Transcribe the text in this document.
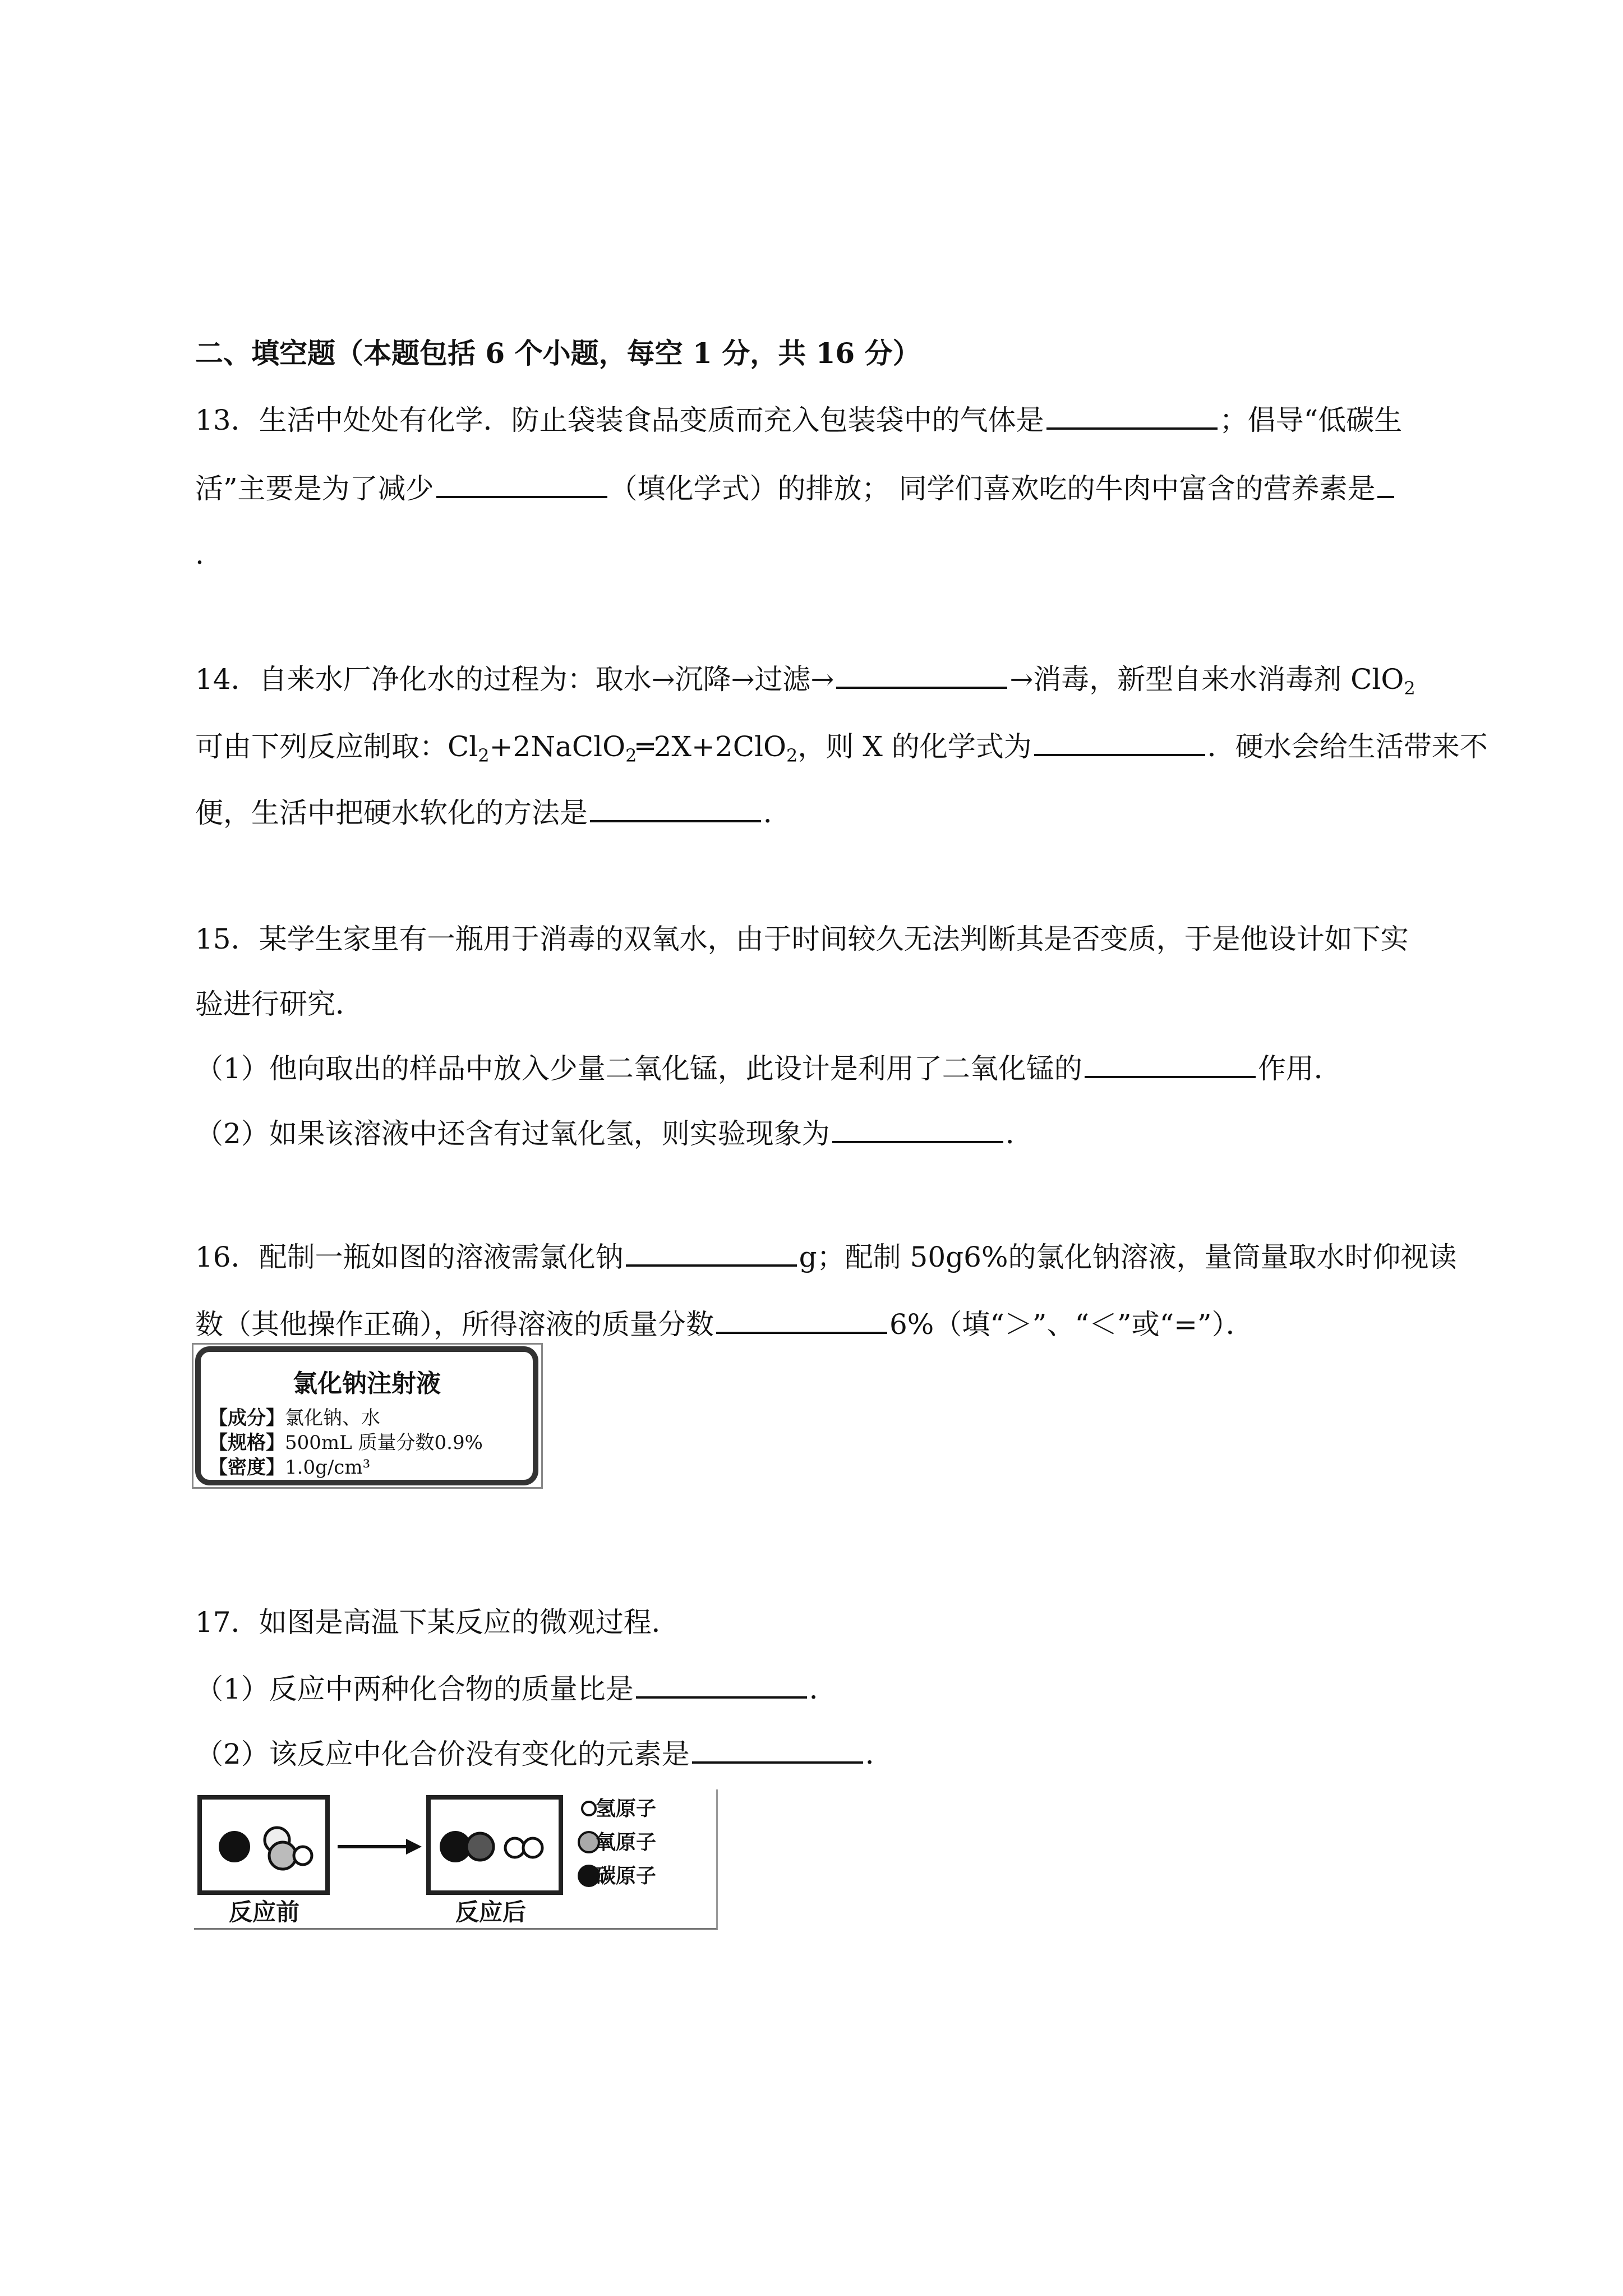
二、填空题（本题包括 6 个小题，每空 1 分，共 16 分）
13．生活中处处有化学．防止袋装食品变质而充入包装袋中的气体是	；倡导“低碳生
活”主要是为了减少	（填化学式）的排放； 同学们喜欢吃的牛肉中富含的营养素是
.
14．自来水厂净化水的过程为：取水→沉降→过滤→	→消毒，新型自来水消毒剂 ClO$_2$
可由下列反应制取：$Cl_2+2NaClO_2═2X+2ClO_2$，则 X 的化学式为	．硬水会给生活带来不
便，生活中把硬水软化的方法是	．
15．某学生家里有一瓶用于消毒的双氧水，由于时间较久无法判断其是否变质，于是他设计如下实
验进行研究．
（1）他向取出的样品中放入少量二氧化锰，此设计是利用了二氧化锰的	作用．
（2）如果该溶液中还含有过氧化氢，则实验现象为	．
16．配制一瓶如图的溶液需氯化钠	g；配制 50g6%的氯化钠溶液，量筒量取水时仰视读
数（其他操作正确），所得溶液的质量分数	6%（填“＞”、“＜”或“=”）．
氯化钠注射液
【成分】氯化钠、水
【规格】500mL 质量分数0.9%
【密度】1.0g/cm³
17．如图是高温下某反应的微观过程．
（1）反应中两种化合物的质量比是	．
（2）该反应中化合价没有变化的元素是	．
反应前	反应后
氢原子
氧原子
碳原子
